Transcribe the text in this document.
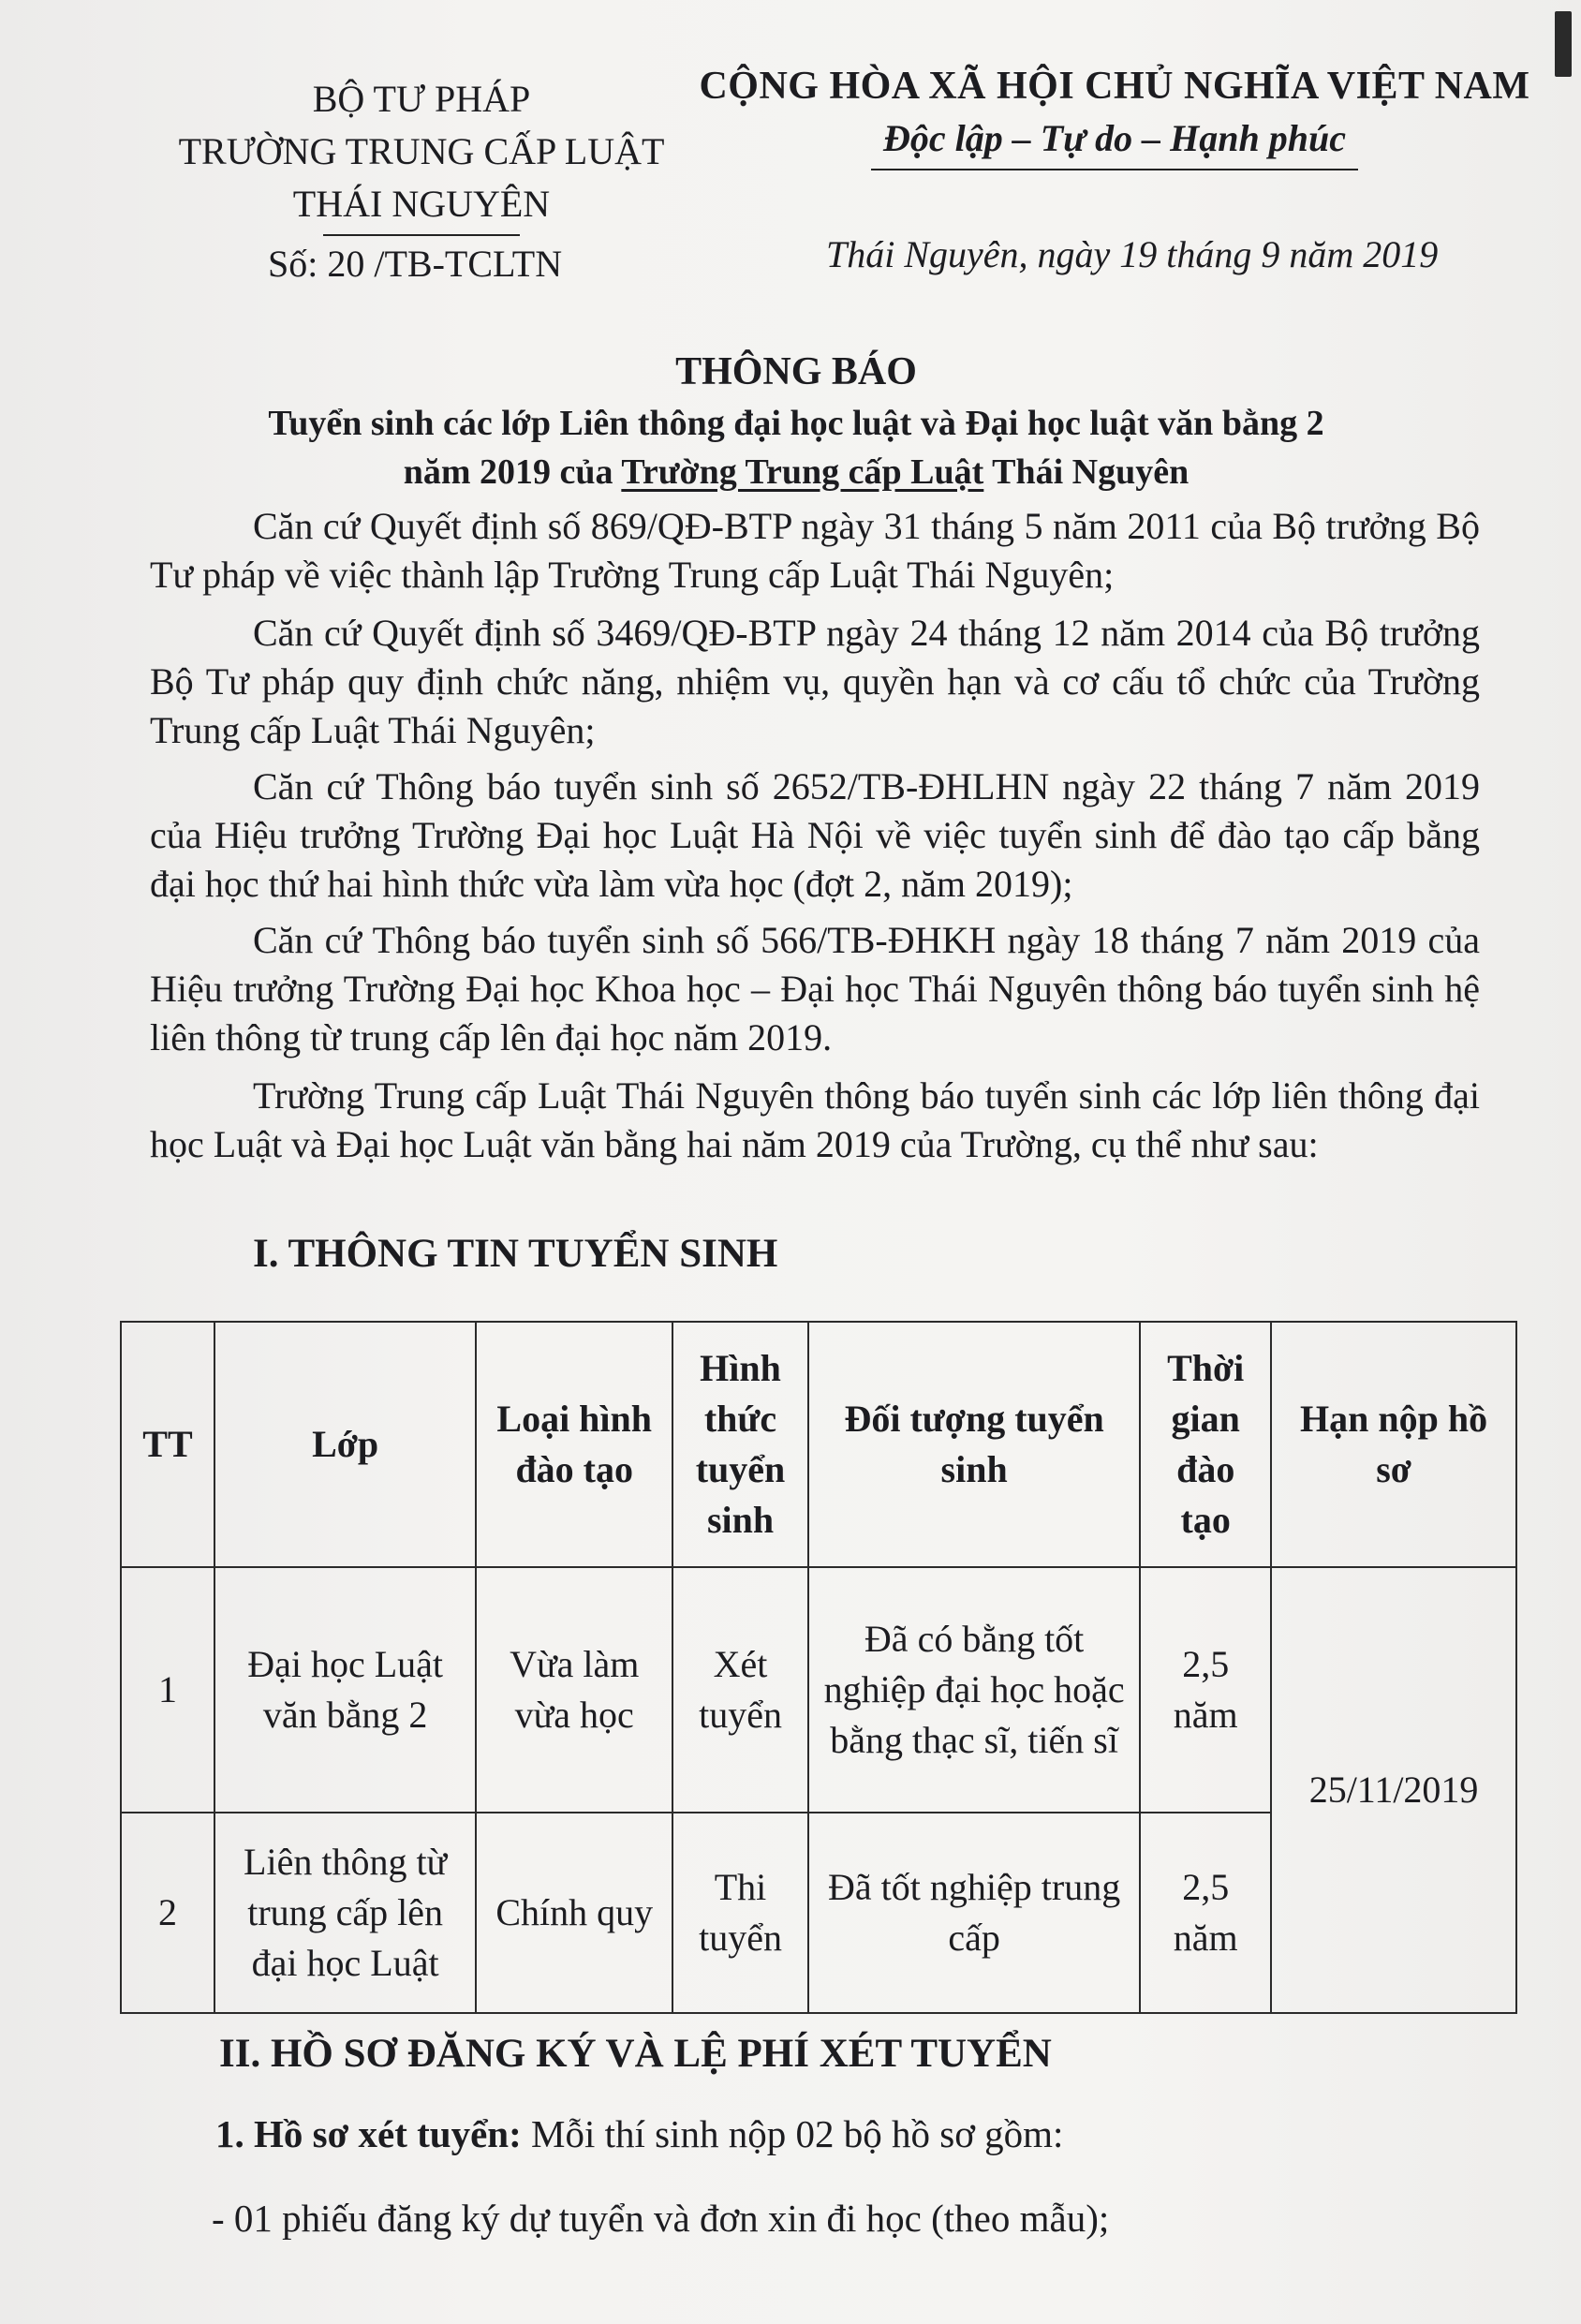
BỘ TƯ PHÁP
TRƯỜNG TRUNG CẤP LUẬT
THÁI NGUYÊN
CỘNG HÒA XÃ HỘI CHỦ NGHĨA VIỆT NAM
Độc lập – Tự do – Hạnh phúc
Số: 20 /TB-TCLTN	Thái Nguyên, ngày 19 tháng 9 năm 2019
THÔNG BÁO
Tuyển sinh các lớp Liên thông đại học luật và Đại học luật văn bằng 2
năm 2019 của Trường Trung cấp Luật Thái Nguyên
Căn cứ Quyết định số 869/QĐ-BTP ngày 31 tháng 5 năm 2011 của Bộ trưởng Bộ Tư pháp về việc thành lập Trường Trung cấp Luật Thái Nguyên;
Căn cứ Quyết định số 3469/QĐ-BTP ngày 24 tháng 12 năm 2014 của Bộ trưởng Bộ Tư pháp quy định chức năng, nhiệm vụ, quyền hạn và cơ cấu tổ chức của Trường Trung cấp Luật Thái Nguyên;
Căn cứ Thông báo tuyển sinh số 2652/TB-ĐHLHN ngày 22 tháng 7 năm 2019 của Hiệu trưởng Trường Đại học Luật Hà Nội về việc tuyển sinh để đào tạo cấp bằng đại học thứ hai hình thức vừa làm vừa học (đợt 2, năm 2019);
Căn cứ Thông báo tuyển sinh số 566/TB-ĐHKH ngày 18 tháng 7 năm 2019 của Hiệu trưởng Trường Đại học Khoa học – Đại học Thái Nguyên thông báo tuyển sinh hệ liên thông từ trung cấp lên đại học năm 2019.
Trường Trung cấp Luật Thái Nguyên thông báo tuyển sinh các lớp liên thông đại học Luật và Đại học Luật văn bằng hai năm 2019 của Trường, cụ thể như sau:
I. THÔNG TIN TUYỂN SINH
TT	Lớp	Loại hình đào tạo	Hình thức tuyển sinh	Đối tượng tuyển sinh	Thời gian đào tạo	Hạn nộp hồ sơ
1	Đại học Luật văn bằng 2	Vừa làm vừa học	Xét tuyển	Đã có bằng tốt nghiệp đại học hoặc bằng thạc sĩ, tiến sĩ	2,5 năm	25/11/2019
2	Liên thông từ trung cấp lên đại học Luật	Chính quy	Thi tuyển	Đã tốt nghiệp trung cấp	2,5 năm	
II. HỒ SƠ ĐĂNG KÝ VÀ LỆ PHÍ XÉT TUYỂN
1. Hồ sơ xét tuyển: Mỗi thí sinh nộp 02 bộ hồ sơ gồm:
- 01 phiếu đăng ký dự tuyển và đơn xin đi học (theo mẫu);
